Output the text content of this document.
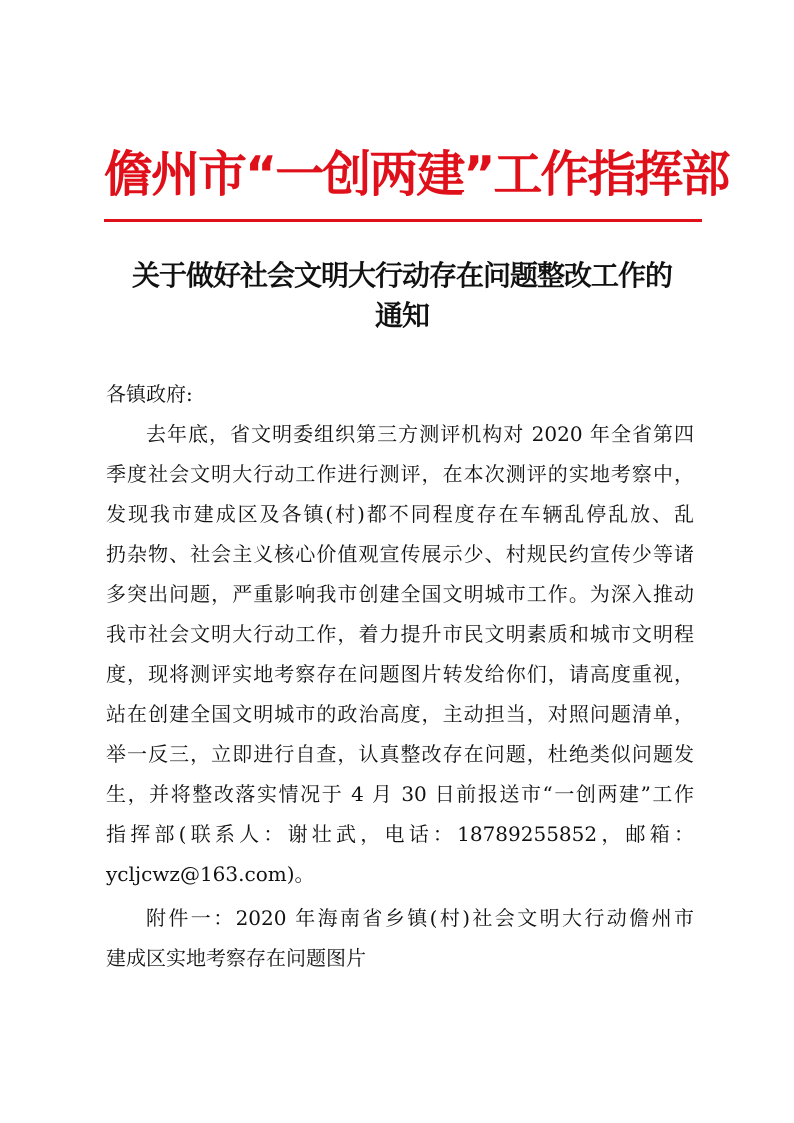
儋州市“一创两建”工作指挥部
关于做好社会文明大行动存在问题整改工作的
通知
各镇政府:
去年底，省文明委组织第三方测评机构对 2020 年全省第四
季度社会文明大行动工作进行测评，在本次测评的实地考察中，
发现我市建成区及各镇(村)都不同程度存在车辆乱停乱放、乱
扔杂物、社会主义核心价值观宣传展示少、村规民约宣传少等诸
多突出问题，严重影响我市创建全国文明城市工作。为深入推动
我市社会文明大行动工作，着力提升市民文明素质和城市文明程
度，现将测评实地考察存在问题图片转发给你们，请高度重视，
站在创建全国文明城市的政治高度，主动担当，对照问题清单，
举一反三，立即进行自查，认真整改存在问题，杜绝类似问题发
生，并将整改落实情况于 4 月 30 日前报送市“一创两建”工作
指挥部(联系人：谢壮武，电话：18789255852，邮箱：
ycljcwz@163.com)。
附件一：2020 年海南省乡镇(村)社会文明大行动儋州市
建成区实地考察存在问题图片
